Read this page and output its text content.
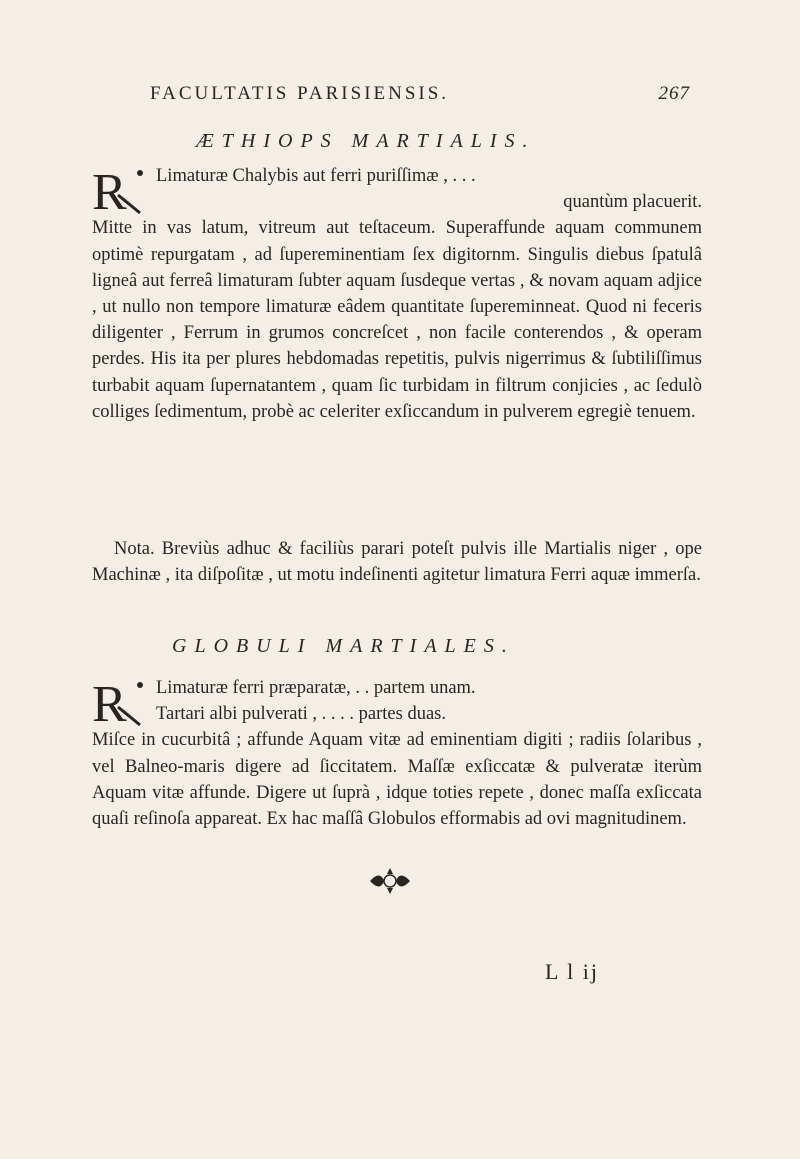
FACULTATIS PARISIENSIS.	267
ÆTHIOPS MARTIALIS.
R	Limaturæ Chalybis aut ferri puriſſimæ , . . .
quantùm placuerit.
Mitte in vas latum, vitreum aut teſtaceum. Superaffunde aquam communem optimè repurgatam , ad ſupereminentiam ſex digitornm. Singulis diebus ſpatulâ ligneâ aut ferreâ limaturam ſubter aquam ſusdeque vertas , & novam aquam adjice , ut nullo non tempore limaturæ eâdem quantitate ſupereminneat. Quod ni feceris diligenter , Ferrum in grumos concreſcet , non facile conterendos , & operam perdes. His ita per plures hebdomadas repetitis, pulvis nigerrimus & ſubtiliſſimus turbabit aquam ſupernatantem , quam ſic turbidam in filtrum conjicies , ac ſedulò colliges ſedimentum, probè ac celeriter exſiccandum in pulverem egregiè tenuem.
Nota. Breviùs adhuc & faciliùs parari poteſt pulvis ille Martialis niger , ope Machinæ , ita diſpoſitæ , ut motu indeſinenti agitetur limatura Ferri aquæ immerſa.
GLOBULI MARTIALES.
R	Limaturæ ferri præparatæ, . . partem unam.
Tartari albi pulverati , . . . . partes duas.
Miſce in cucurbitâ ; affunde Aquam vitæ ad eminentiam digiti ; radiis ſolaribus , vel Balneo-maris digere ad ſiccitatem. Maſſæ exſiccatæ & pulveratæ iterùm Aquam vitæ affunde. Digere ut ſuprà , idque toties repete , donec maſſa exſiccata quaſi reſinoſa appareat. Ex hac maſſâ Globulos efformabis ad ovi magnitudinem.
L l ij
